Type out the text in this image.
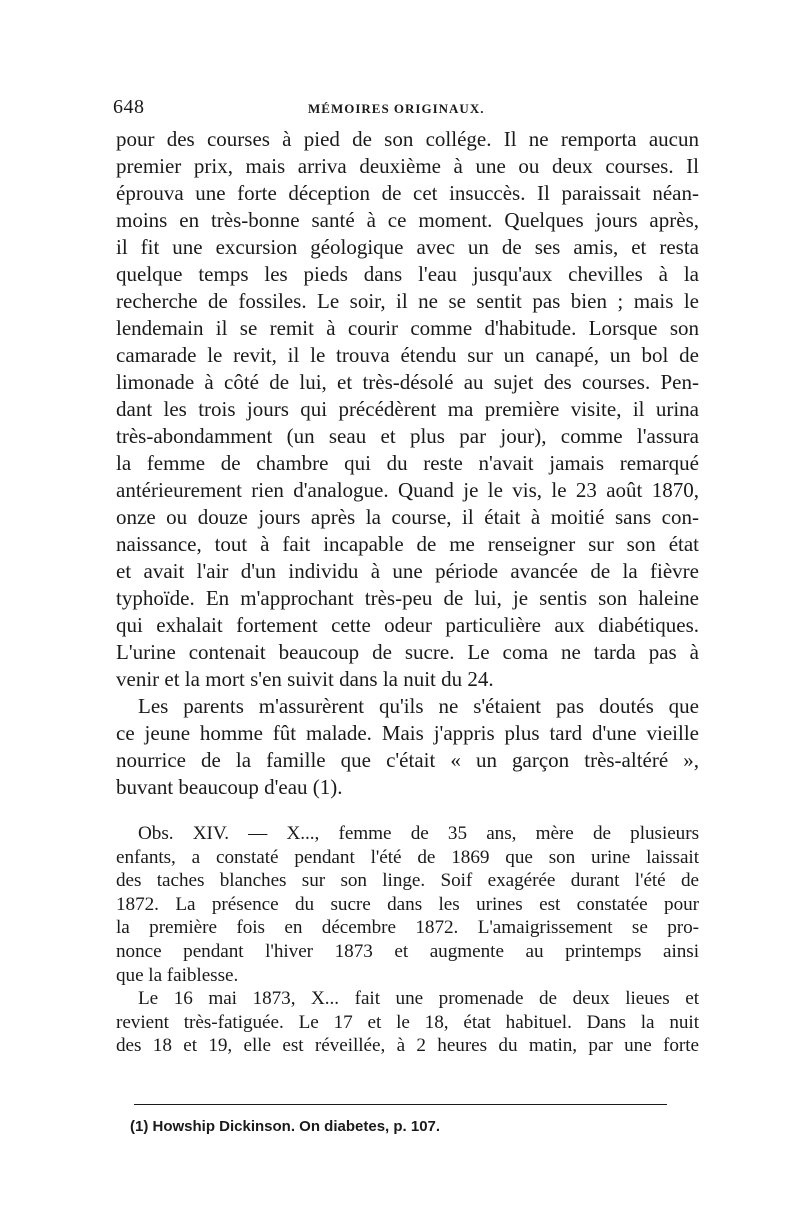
648	MÉMOIRES ORIGINAUX.
pour des courses à pied de son collége. Il ne remporta aucun
premier prix, mais arriva deuxième à une ou deux courses. Il
éprouva une forte déception de cet insuccès. Il paraissait néan-
moins en très-bonne santé à ce moment. Quelques jours après,
il fit une excursion géologique avec un de ses amis, et resta
quelque temps les pieds dans l'eau jusqu'aux chevilles à la
recherche de fossiles. Le soir, il ne se sentit pas bien ; mais le
lendemain il se remit à courir comme d'habitude. Lorsque son
camarade le revit, il le trouva étendu sur un canapé, un bol de
limonade à côté de lui, et très-désolé au sujet des courses. Pen-
dant les trois jours qui précédèrent ma première visite, il urina
très-abondamment (un seau et plus par jour), comme l'assura
la femme de chambre qui du reste n'avait jamais remarqué
antérieurement rien d'analogue. Quand je le vis, le 23 août 1870,
onze ou douze jours après la course, il était à moitié sans con-
naissance, tout à fait incapable de me renseigner sur son état
et avait l'air d'un individu à une période avancée de la fièvre
typhoïde. En m'approchant très-peu de lui, je sentis son haleine
qui exhalait fortement cette odeur particulière aux diabétiques.
L'urine contenait beaucoup de sucre. Le coma ne tarda pas à
venir et la mort s'en suivit dans la nuit du 24.
Les parents m'assurèrent qu'ils ne s'étaient pas doutés que
ce jeune homme fût malade. Mais j'appris plus tard d'une vieille
nourrice de la famille que c'était « un garçon très-altéré »,
buvant beaucoup d'eau (1).
Obs. XIV. — X..., femme de 35 ans, mère de plusieurs
enfants, a constaté pendant l'été de 1869 que son urine laissait
des taches blanches sur son linge. Soif exagérée durant l'été de
1872. La présence du sucre dans les urines est constatée pour
la première fois en décembre 1872. L'amaigrissement se pro-
nonce pendant l'hiver 1873 et augmente au printemps ainsi
que la faiblesse.
Le 16 mai 1873, X... fait une promenade de deux lieues et
revient très-fatiguée. Le 17 et le 18, état habituel. Dans la nuit
des 18 et 19, elle est réveillée, à 2 heures du matin, par une forte
(1) Howship Dickinson. On diabetes, p. 107.
